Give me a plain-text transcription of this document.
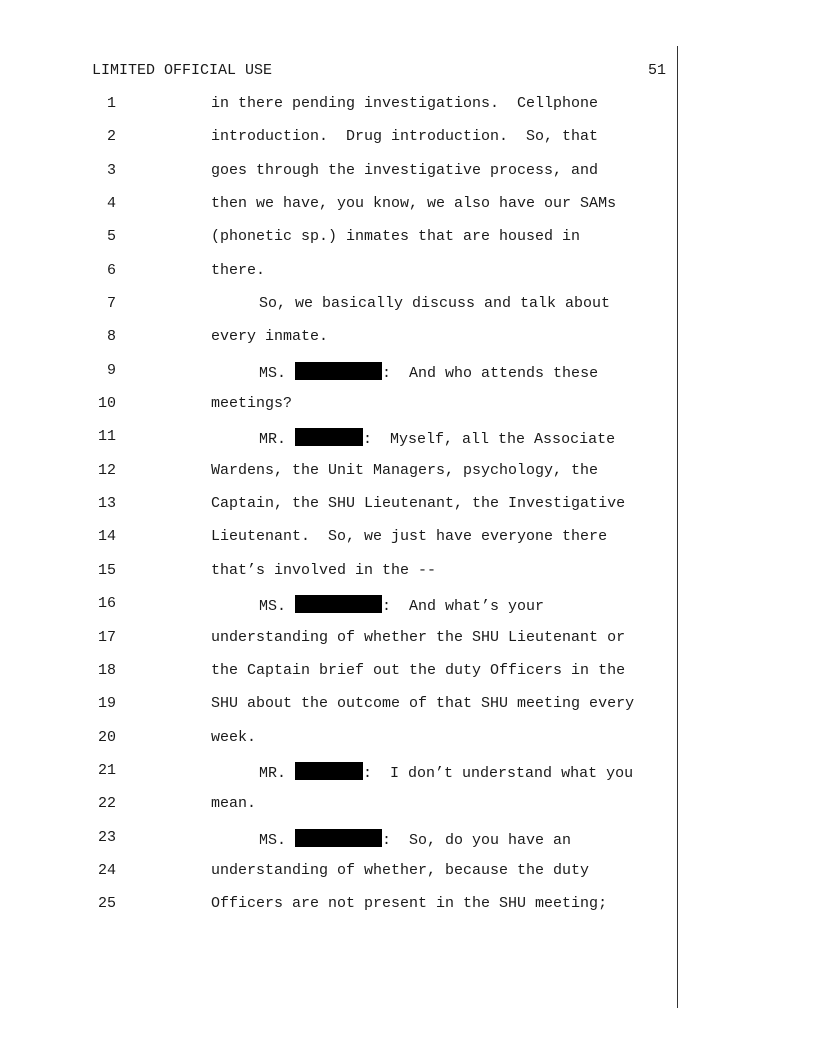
LIMITED OFFICIAL USE	51
1	in there pending investigations.  Cellphone
2	introduction.  Drug introduction.  So, that
3	goes through the investigative process, and
4	then we have, you know, we also have our SAMs
5	(phonetic sp.) inmates that are housed in
6	there.
7	So, we basically discuss and talk about
8	every inmate.
9	MS.	:  And who attends these
10	meetings?
11	MR.	:  Myself, all the Associate
12	Wardens, the Unit Managers, psychology, the
13	Captain, the SHU Lieutenant, the Investigative
14	Lieutenant.  So, we just have everyone there
15	that’s involved in the --
16	MS.	:  And what’s your
17	understanding of whether the SHU Lieutenant or
18	the Captain brief out the duty Officers in the
19	SHU about the outcome of that SHU meeting every
20	week.
21	MR.	:  I don’t understand what you
22	mean.
23	MS.	:  So, do you have an
24	understanding of whether, because the duty
25	Officers are not present in the SHU meeting;
